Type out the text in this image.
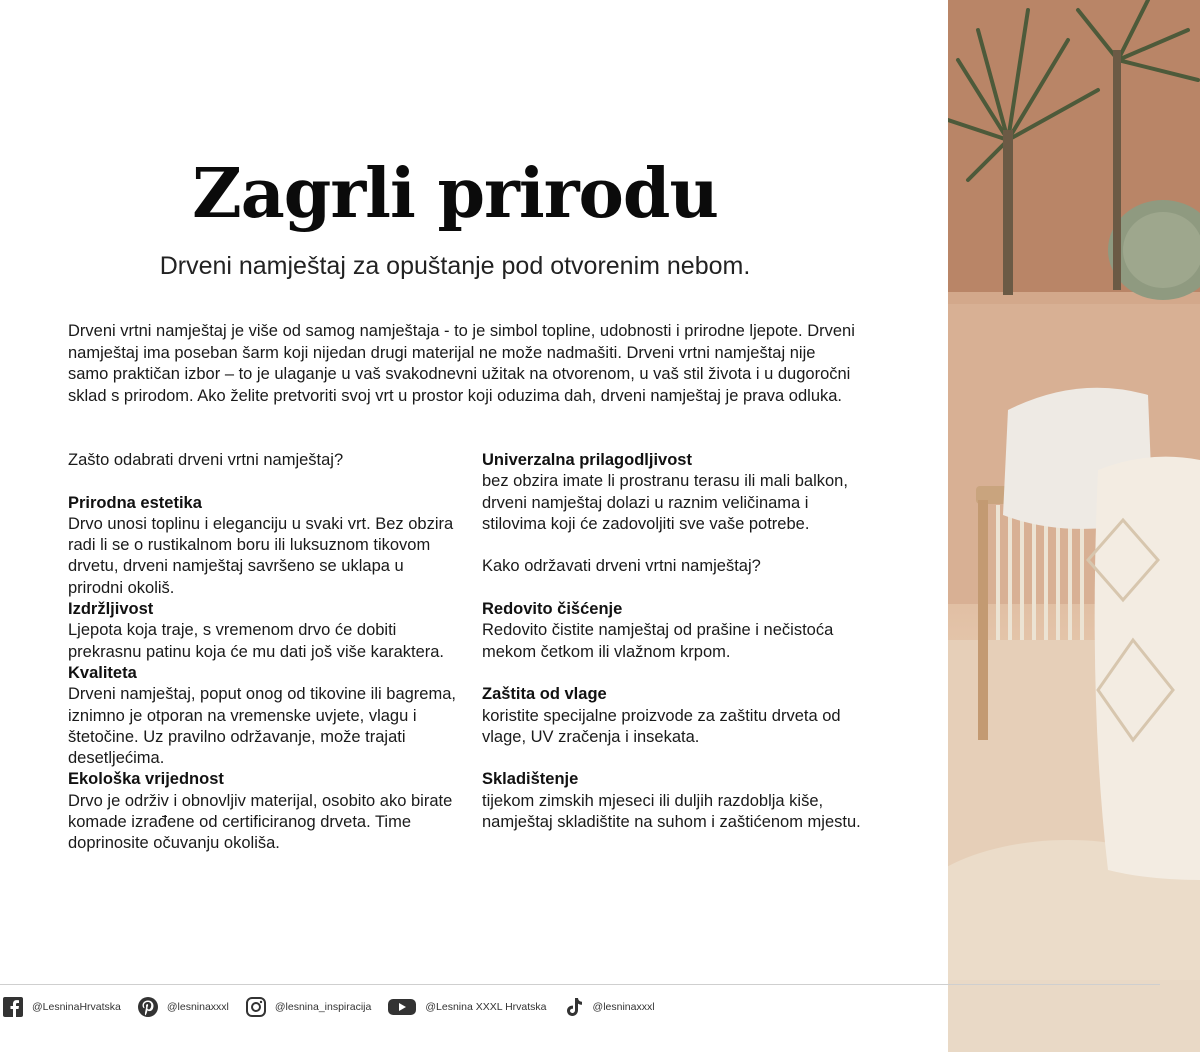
Zagrli prirodu
Drveni namještaj za opuštanje pod otvorenim nebom.

Drveni vrtni namještaj je više od samog namještaja - to je simbol topline, udobnosti i prirodne ljepote. Drveni namještaj ima poseban šarm koji nijedan drugi materijal ne može nadmašiti. Drveni vrtni namještaj nije samo praktičan izbor – to je ulaganje u vaš svakodnevni užitak na otvorenom, u vaš stil života i u dugoročni sklad s prirodom. Ako želite pretvoriti svoj vrt u prostor koji oduzima dah, drveni namještaj je prava odluka.

Zašto odabrati drveni vrtni namještaj?

Prirodna estetika

Drvo unosi toplinu i eleganciju u svaki vrt. Bez obzira radi li se o rustikalnom boru ili luksuznom tikovom drvetu, drveni namještaj savršeno se uklapa u prirodni okoliš.

Izdržljivost

Ljepota koja traje, s vremenom drvo će dobiti prekrasnu patinu koja će mu dati još više karaktera.

Kvaliteta

Drveni namještaj, poput onog od tikovine ili bagrema, iznimno je otporan na vremenske uvjete, vlagu i štetočine. Uz pravilno održavanje, može trajati desetljećima.

Ekološka vrijednost

Drvo je održiv i obnovljiv materijal, osobito ako birate komade izrađene od certificiranog drveta. Time doprinosite očuvanju okoliša.

Univerzalna prilagodljivost

bez obzira imate li prostranu terasu ili mali balkon, drveni namještaj dolazi u raznim veličinama i stilovima koji će zadovoljiti sve vaše potrebe.

Kako održavati drveni vrtni namještaj?

Redovito čišćenje

Redovito čistite namještaj od prašine i nečistoća mekom četkom ili vlažnom krpom.

Zaštita od vlage

koristite specijalne proizvode za zaštitu drveta od vlage, UV zračenja i insekata.

Skladištenje

tijekom zimskih mjeseci ili duljih razdoblja kiše, namještaj skladištite na suhom i zaštićenom mjestu.

@LesninaHrvatska	@lesninaxxxl	@lesnina_inspiracija	@Lesnina XXXL Hrvatska	@lesninaxxxl
